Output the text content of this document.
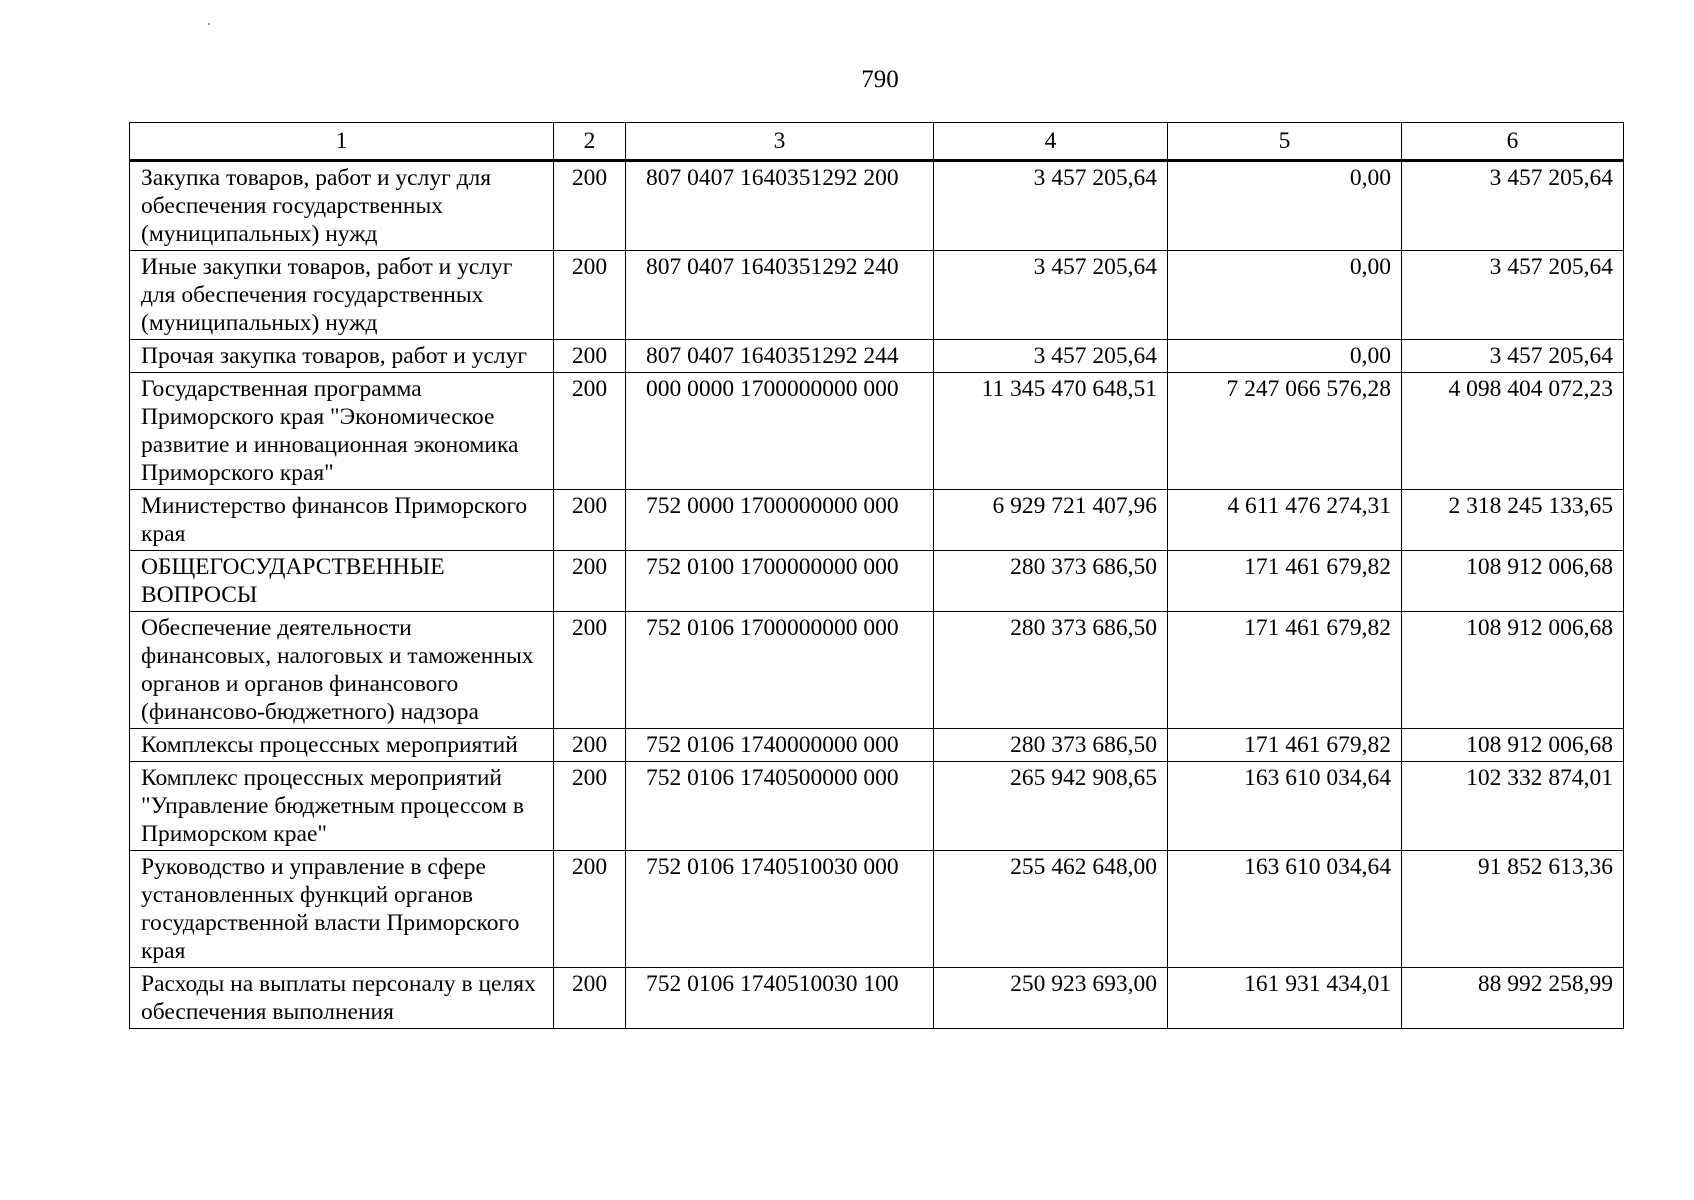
790
1	2	3	4	5	6
Закупка товаров, работ и услуг для обеспечения государственных (муниципальных) нужд	200	807 0407 1640351292 200	3 457 205,64	0,00	3 457 205,64
Иные закупки товаров, работ и услуг для обеспечения государственных (муниципальных) нужд	200	807 0407 1640351292 240	3 457 205,64	0,00	3 457 205,64
Прочая закупка товаров, работ и услуг	200	807 0407 1640351292 244	3 457 205,64	0,00	3 457 205,64
Государственная программа Приморского края "Экономическое развитие и инновационная экономика Приморского края"	200	000 0000 1700000000 000	11 345 470 648,51	7 247 066 576,28	4 098 404 072,23
Министерство финансов Приморского края	200	752 0000 1700000000 000	6 929 721 407,96	4 611 476 274,31	2 318 245 133,65
ОБЩЕГОСУДАРСТВЕННЫЕ ВОПРОСЫ	200	752 0100 1700000000 000	280 373 686,50	171 461 679,82	108 912 006,68
Обеспечение деятельности финансовых, налоговых и таможенных органов и органов финансового (финансово-бюджетного) надзора	200	752 0106 1700000000 000	280 373 686,50	171 461 679,82	108 912 006,68
Комплексы процессных мероприятий	200	752 0106 1740000000 000	280 373 686,50	171 461 679,82	108 912 006,68
Комплекс процессных мероприятий "Управление бюджетным процессом в Приморском крае"	200	752 0106 1740500000 000	265 942 908,65	163 610 034,64	102 332 874,01
Руководство и управление в сфере установленных функций органов государственной власти Приморского края	200	752 0106 1740510030 000	255 462 648,00	163 610 034,64	91 852 613,36
Расходы на выплаты персоналу в целях обеспечения выполнения	200	752 0106 1740510030 100	250 923 693,00	161 931 434,01	88 992 258,99
